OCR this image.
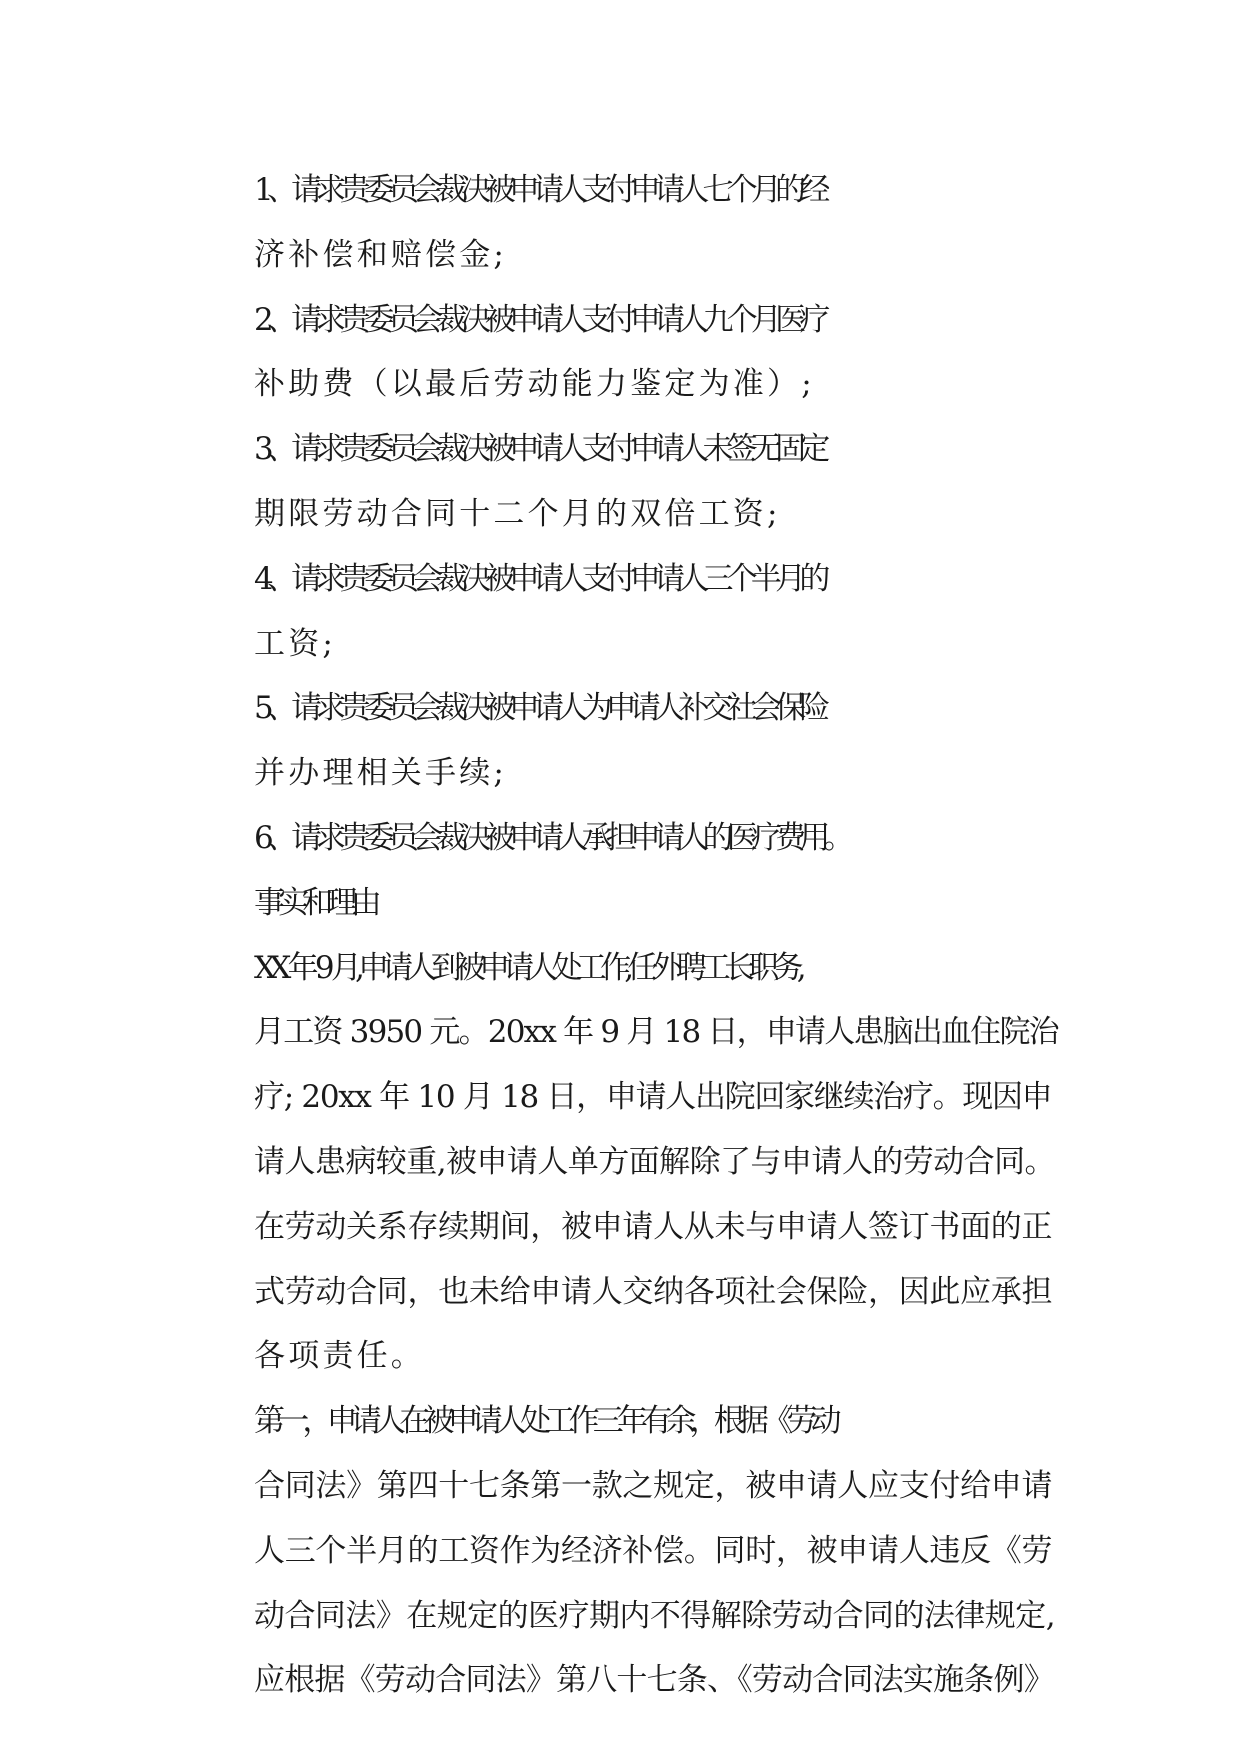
1、请求贵委员会裁决被申请人支付申请人七个月的经
济补偿和赔偿金;

2、请求贵委员会裁决被申请人支付申请人九个月医疗
补助费（以最后劳动能力鉴定为准）;

3、请求贵委员会裁决被申请人支付申请人未签无固定
期限劳动合同十二个月的双倍工资;

4、请求贵委员会裁决被申请人支付申请人三个半月的
工资;

5、请求贵委员会裁决被申请人为申请人补交社会保险
并办理相关手续;

6、请求贵委员会裁决被申请人承担申请人的医疗费用。

事实和理由

XX 年 9 月,申请人到被申请人处工作,任外聘工长职务,
月工资 3950 元。20xx 年 9 月 18 日，申请人患脑出血住院治
疗; 20xx 年 10 月 18 日，申请人出院回家继续治疗。现因申
请人患病较重,被申请人单方面解除了与申请人的劳动合同。
在劳动关系存续期间，被申请人从未与申请人签订书面的正
式劳动合同，也未给申请人交纳各项社会保险，因此应承担
各项责任。

第一，申请人在被申请人处工作三年有余，根据《劳动
合同法》第四十七条第一款之规定，被申请人应支付给申请
人三个半月的工资作为经济补偿。同时，被申请人违反《劳
动合同法》在规定的医疗期内不得解除劳动合同的法律规定,
应根据《劳动合同法》第八十七条、《劳动合同法实施条例》
